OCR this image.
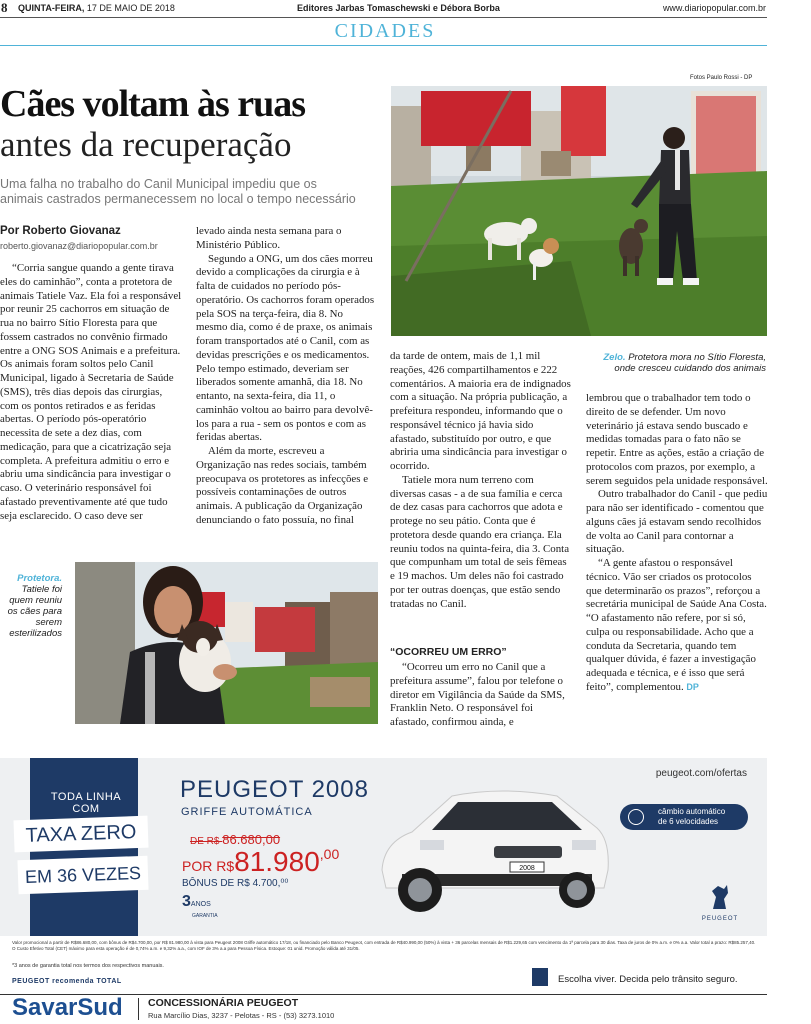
8 QUINTA-FEIRA, 17 DE MAIO DE 2018	Editores Jarbas Tomaschewski e Débora Borba	www.diariopopular.com.br
CIDADES
Fotos Paulo Rossi - DP
Cães voltam às ruas
antes da recuperação
Uma falha no trabalho do Canil Municipal impediu que os animais castrados permanecessem no local o tempo necessário
Por Roberto Giovanaz
roberto.giovanaz@diariopopular.com.br

“Corria sangue quando a gente tirava eles do caminhão”, conta a protetora de animais Tatiele Vaz. Ela foi a responsável por reunir 25 cachorros em situação de rua no bairro Sítio Floresta para que fossem castrados no convênio firmado entre a ONG SOS Animais e a prefeitura. Os animais foram soltos pelo Canil Municipal, ligado à Secretaria de Saúde (SMS), três dias depois das cirurgias, com os pontos retirados e as feridas abertas. O período pós-operatório necessita de sete a dez dias, com medicação, para que a cicatrização seja completa. A prefeitura admitiu o erro e abriu uma sindicância para investigar o caso. O veterinário responsável foi afastado preventivamente até que tudo seja esclarecido. O caso deve ser

levado ainda nesta semana para o Ministério Público.

Segundo a ONG, um dos cães morreu devido a complicações da cirurgia e à falta de cuidados no período pós-operatório. Os cachorros foram operados pela SOS na terça-feira, dia 8. No mesmo dia, como é de praxe, os animais foram transportados até o Canil, com as devidas prescrições e os medicamentos. Pelo tempo estimado, deveriam ser liberados somente amanhã, dia 18. No entanto, na sexta-feira, dia 11, o caminhão voltou ao bairro para devolvê-los para a rua - sem os pontos e com as feridas abertas.

Além da morte, escreveu a Organização nas redes sociais, também preocupava os protetores as infecções e possíveis contaminações de outros animais. A publicação da Organização denunciando o fato possuía, no final

Zelo. Protetora mora no Sítio Floresta, onde cresceu cuidando dos animais

da tarde de ontem, mais de 1,1 mil reações, 426 compartilhamentos e 222 comentários. A maioria era de indignados com a situação. Na própria publicação, a prefeitura respondeu, informando que o responsável técnico já havia sido afastado, substituído por outro, e que abriria uma sindicância para investigar o ocorrido.

Tatiele mora num terreno com diversas casas - a de sua família e cerca de dez casas para cachorros que adota e protege no seu pátio. Conta que é protetora desde quando era criança. Ela reuniu todos na quinta-feira, dia 3. Conta que compunham um total de seis fêmeas e 19 machos. Um deles não foi castrado por ter outras doenças, que estão sendo tratadas no Canil.

“OCORREU UM ERRO”

“Ocorreu um erro no Canil que a prefeitura assume”, falou por telefone o diretor em Vigilância da Saúde da SMS, Franklin Neto. O responsável foi afastado, confirmou ainda, e

lembrou que o trabalhador tem todo o direito de se defender. Um novo veterinário já estava sendo buscado e medidas tomadas para o fato não se repetir. Entre as ações, estão a criação de protocolos com prazos, por exemplo, a serem seguidos pela unidade responsável.

Outro trabalhador do Canil - que pediu para não ser identificado - comentou que alguns cães já estavam sendo recolhidos de volta ao Canil para contornar a situação.

“A gente afastou o responsável técnico. Vão ser criados os protocolos que determinarão os prazos”, reforçou a secretária municipal de Saúde Ana Costa. “O afastamento não refere, por si só, culpa ou responsabilidade. Acho que a conduta da Secretaria, quando tem qualquer dúvida, é fazer a investigação adequada e técnica, e é isso que será feito”, complementou. DP

Protetora. Tatiele foi quem reuniu os cães para serem esterilizados
TODA LINHA COM
TAXA ZERO
EM 36 VEZES
PEUGEOT 2008
GRIFFE AUTOMÁTICA
DE R$ 86.680,00
POR R$81.980,00
BÔNUS DE R$ 4.700,⁰⁰
3ANOS
GARANTIA
2008
peugeot.com/ofertas
câmbio automático
de 6 velocidades
PEUGEOT
Valor promocional a partir de R$86.680,00, com bônus de R$4.700,00, por R$ 81.980,00 à vista para Peugeot 2008 Griffe automático 17/18, ou financiado pelo Banco Peugeot, com entrada de R$40.990,00 (50%) à vista + 36 parcelas mensais de R$1.229,65 com vencimento da 1ª parcela para 30 dias. Taxa de juros de 0% a.m. e 0% a.a. Valor total a prazo: R$85.257,40. O Custo Efetivo Total (CET) máximo para esta operação é de 0,74% a.m. e 9,32% a.a., com IOF de 3% a.a para Pessoa Física. Estoque: 01 unid. Promoção válida até 31/05.
*3 anos de garantia total nos termos dos respectivos manuais.
PEUGEOT recomenda TOTAL	Escolha viver. Decida pelo trânsito seguro.
SavarSud CONCESSIONÁRIA PEUGEOT
Rua Marcílio Dias, 3237 - Pelotas - RS - (53) 3273.1010
